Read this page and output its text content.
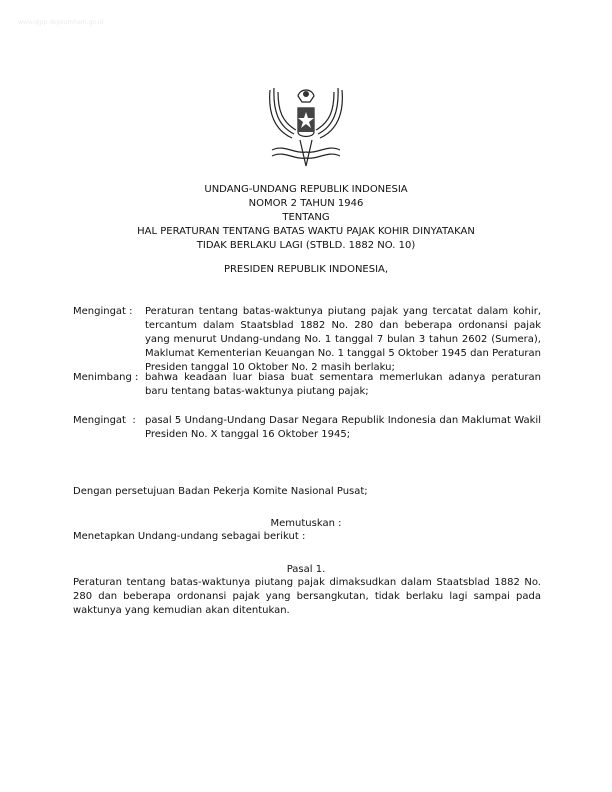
www.djpp.depkumham.go.id
UNDANG-UNDANG REPUBLIK INDONESIA
NOMOR 2 TAHUN 1946
TENTANG
HAL PERATURAN TENTANG BATAS WAKTU PAJAK KOHIR DINYATAKAN
TIDAK BERLAKU LAGI (STBLD. 1882 NO. 10)
PRESIDEN REPUBLIK INDONESIA,
Mengingat : Peraturan tentang batas-waktunya piutang pajak yang tercatat dalam kohir, tercantum dalam Staatsblad 1882 No. 280 dan beberapa ordonansi pajak yang menurut Undang-undang No. 1 tanggal 7 bulan 3 tahun 2602 (Sumera), Maklumat Kementerian Keuangan No. 1 tanggal 5 Oktober 1945 dan Peraturan Presiden tanggal 10 Oktober No. 2 masih berlaku;
Menimbang : bahwa keadaan luar biasa buat sementara memerlukan adanya peraturan baru tentang batas-waktunya piutang pajak;
Mengingat  : pasal 5 Undang-Undang Dasar Negara Republik Indonesia dan Maklumat Wakil Presiden No. X tanggal 16 Oktober 1945;
Dengan persetujuan Badan Pekerja Komite Nasional Pusat;
Memutuskan :
Menetapkan Undang-undang sebagai berikut :
Pasal 1.
Peraturan tentang batas-waktunya piutang pajak dimaksudkan dalam Staatsblad 1882 No. 280 dan beberapa ordonansi pajak yang bersangkutan, tidak berlaku lagi sampai pada waktunya yang kemudian akan ditentukan.
